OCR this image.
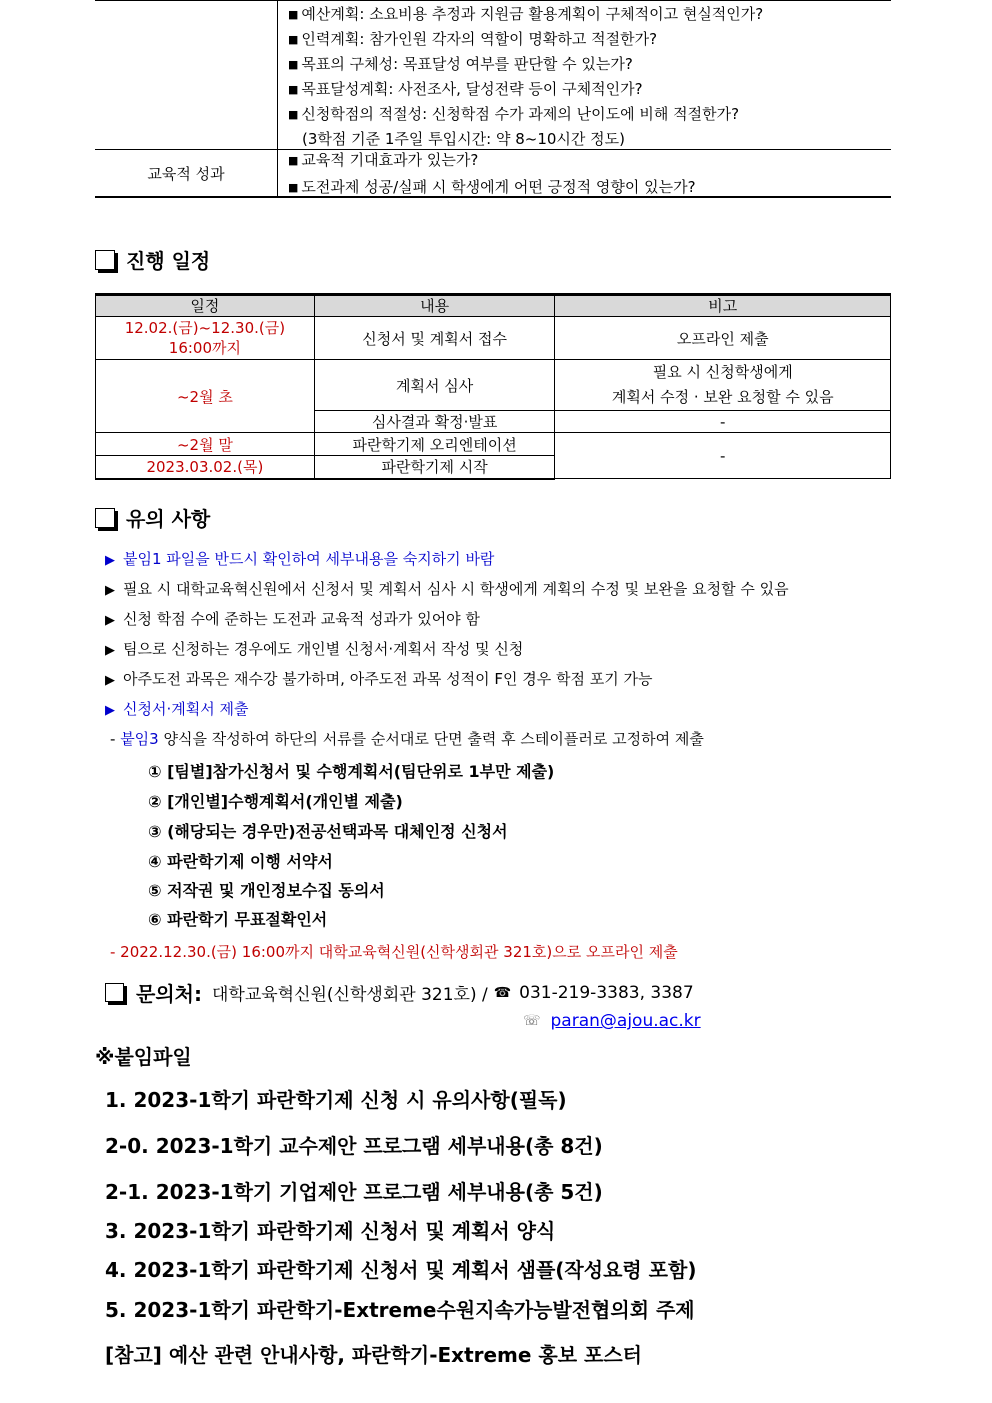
■ 예산계획: 소요비용 추정과 지원금 활용계획이 구체적이고 현실적인가?
■ 인력계획: 참가인원 각자의 역할이 명확하고 적절한가?
■ 목표의 구체성: 목표달성 여부를 판단할 수 있는가?
■ 목표달성계획: 사전조사, 달성전략 등이 구체적인가?
■ 신청학점의 적절성: 신청학점 수가 과제의 난이도에 비해 적절한가?
(3학점 기준 1주일 투입시간: 약 8~10시간 정도)
교육적 성과
■ 교육적 기대효과가 있는가?
■ 도전과제 성공/실패 시 학생에게 어떤 긍정적 영향이 있는가?
진행 일정
일정	내용	비고

12.02.(금)~12.30.(금)
16:00까지	신청서 및 계획서 접수	오프라인 제출
~2월 초	계획서 심사	필요 시 신청학생에게
계획서 수정 · 보완 요청할 수 있음

	심사결과 확정·발표	-
~2월 말	파란학기제 오리엔테이션	-
2023.03.02.(목)	파란학기제 시작	
유의 사항
▶ 붙임1 파일을 반드시 확인하여 세부내용을 숙지하기 바람
▶ 필요 시 대학교육혁신원에서 신청서 및 계획서 심사 시 학생에게 계획의 수정 및 보완을 요청할 수 있음
▶ 신청 학점 수에 준하는 도전과 교육적 성과가 있어야 함
▶ 팀으로 신청하는 경우에도 개인별 신청서·계획서 작성 및 신청
▶ 아주도전 과목은 재수강 불가하며, 아주도전 과목 성적이 F인 경우 학점 포기 가능
▶ 신청서·계획서 제출
- 붙임3 양식을 작성하여 하단의 서류를 순서대로 단면 출력 후 스테이플러로 고정하여 제출
① [팀별]참가신청서 및 수행계획서(팀단위로 1부만 제출)
② [개인별]수행계획서(개인별 제출)
③ (해당되는 경우만)전공선택과목 대체인정 신청서
④ 파란학기제 이행 서약서
⑤ 저작권 및 개인정보수집 동의서
⑥ 파란학기 무표절확인서
- 2022.12.30.(금) 16:00까지 대학교육혁신원(신학생회관 321호)으로 오프라인 제출
문의처: 대학교육혁신원(신학생회관 321호) / ☎ 031-219-3383, 3387
☏ paran@ajou.ac.kr
※붙임파일
1. 2023-1학기 파란학기제 신청 시 유의사항(필독)
2-0. 2023-1학기 교수제안 프로그램 세부내용(총 8건)
2-1. 2023-1학기 기업제안 프로그램 세부내용(총 5건)
3. 2023-1학기 파란학기제 신청서 및 계획서 양식
4. 2023-1학기 파란학기제 신청서 및 계획서 샘플(작성요령 포함)
5. 2023-1학기 파란학기-Extreme수원지속가능발전협의회 주제
[참고] 예산 관련 안내사항, 파란학기-Extreme 홍보 포스터
